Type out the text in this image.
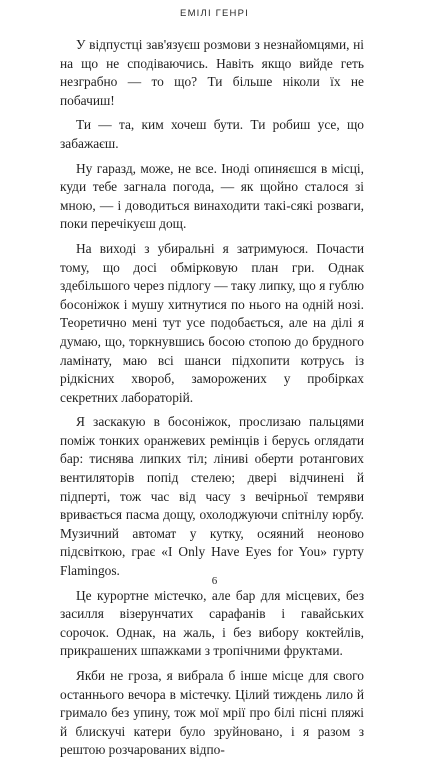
ЕМІЛІ ГЕНРІ

У відпустці зав'язуєш розмови з незнайомцями, ні на що не сподіваючись. Навіть якщо вийде геть незграбно — то що? Ти більше ніколи їх не побачиш!

Ти — та, ким хочеш бути. Ти робиш усе, що забажаєш.

Ну гаразд, може, не все. Іноді опиняєшся в місці, куди тебе загнала погода, — як щойно сталося зі мною, — і доводиться винаходити такі-сякі розваги, поки перечікуєш дощ.

На виході з убиральні я затримуюся. Почасти тому, що досі обмірковую план гри. Однак здебільшого через підлогу — таку липку, що я гублю босоніжок і мушу хитнутися по нього на одній нозі. Теоретично мені тут усе подобається, але на ділі я думаю, що, торкнувшись босою стопою до брудного ламінату, маю всі шанси підхопити котрусь із рідкісних хвороб, заморожених у пробірках секретних лабораторій.

Я заскакую в босоніжок, прослизаю пальцями поміж тонких оранжевих ремінців і берусь оглядати бар: тиснява липких тіл; ліниві оберти ротангових вентиляторів попід стелею; двері відчинені й підперті, тож час від часу з вечірньої темряви вривається пасма дощу, охолоджуючи спітнілу юрбу. Музичний автомат у кутку, осяяний неоново підсвіткою, грає «I Only Have Eyes for You» гурту Flamingos.

Це курортне містечко, але бар для місцевих, без засилля візерунчатих сарафанів і гавайських сорочок. Однак, на жаль, і без вибору коктейлів, прикрашених шпажками з тропічними фруктами.

Якби не гроза, я вибрала б інше місце для свого останнього вечора в містечку. Цілий тиждень лило й гримало без упину, тож мої мрії про білі пісні пляжі й блискучі катери було зруйновано, і я разом з рештою розчарованих відпо-

6
